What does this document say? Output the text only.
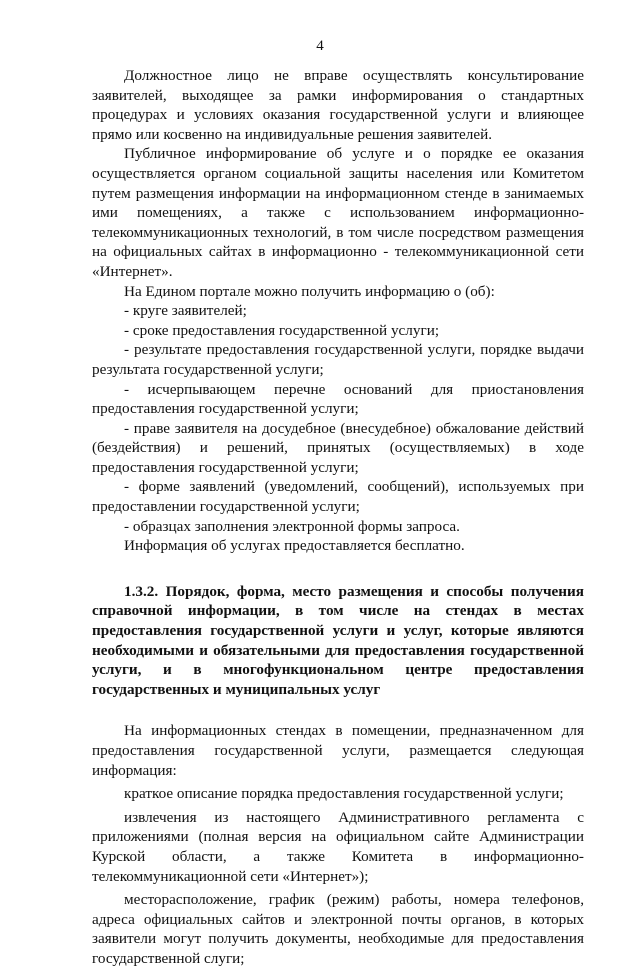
4

Должностное лицо не вправе осуществлять консультирование заявителей, выходящее за рамки информирования о стандартных процедурах и условиях оказания государственной услуги и влияющее прямо или косвенно на индивидуальные решения заявителей.

Публичное информирование об услуге и о порядке ее оказания осуществляется органом социальной защиты населения или Комитетом путем размещения информации на информационном стенде в занимаемых ими помещениях, а также с использованием информационно-телекоммуникационных технологий, в том числе посредством размещения на официальных сайтах в информационно - телекоммуникационной сети «Интернет».

На Едином портале можно получить информацию о (об):

- круге заявителей;

- сроке предоставления государственной услуги;

- результате предоставления государственной услуги, порядке выдачи результата государственной услуги;

- исчерпывающем перечне оснований для приостановления предоставления государственной услуги;

- праве заявителя на досудебное (внесудебное) обжалование действий (бездействия) и решений, принятых (осуществляемых) в ходе предоставления государственной услуги;

- форме заявлений (уведомлений, сообщений), используемых при предоставлении государственной услуги;

- образцах заполнения электронной формы запроса.

Информация об услугах предоставляется бесплатно.

1.3.2. Порядок, форма, место размещения и способы получения справочной информации, в том числе на стендах в местах предоставления государственной услуги и услуг, которые являются необходимыми и обязательными для предоставления государственной услуги, и в многофункциональном центре предоставления государственных и муниципальных услуг

На информационных стендах в помещении, предназначенном для предоставления государственной услуги, размещается следующая информация:

краткое описание порядка предоставления государственной услуги;

извлечения из настоящего Административного регламента с приложениями (полная версия на официальном сайте Администрации Курской области, а также Комитета в информационно-телекоммуникационной сети «Интернет»);

месторасположение, график (режим) работы, номера телефонов, адреса официальных сайтов и электронной почты органов, в которых заявители могут получить документы, необходимые для предоставления государственной слуги;
